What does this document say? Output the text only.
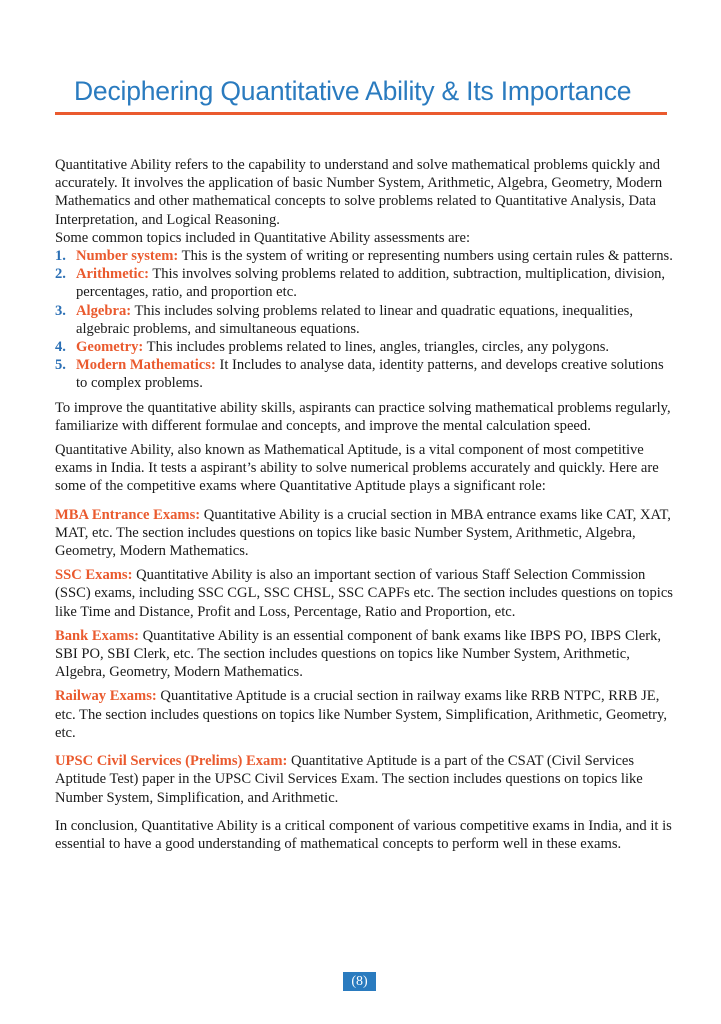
Deciphering Quantitative Ability & Its Importance

Quantitative Ability refers to the capability to understand and solve mathematical problems quickly and accurately. It involves the application of basic Number System, Arithmetic, Algebra, Geometry, Modern Mathematics and other mathematical concepts to solve problems related to Quantitative Analysis, Data Interpretation, and Logical Reasoning.

Some common topics included in Quantitative Ability assessments are:

1. Number system: This is the system of writing or representing numbers using certain rules & patterns.
2. Arithmetic: This involves solving problems related to addition, subtraction, multiplication, division, percentages, ratio, and proportion etc.
3. Algebra: This includes solving problems related to linear and quadratic equations, inequalities, algebraic problems, and simultaneous equations.
4. Geometry: This includes problems related to lines, angles, triangles, circles, any polygons.
5. Modern Mathematics: It Includes to analyse data, identity patterns, and develops creative solutions to complex problems.

To improve the quantitative ability skills, aspirants can practice solving mathematical problems regularly, familiarize with different formulae and concepts, and improve the mental calculation speed.

Quantitative Ability, also known as Mathematical Aptitude, is a vital component of most competitive exams in India. It tests a aspirant’s ability to solve numerical problems accurately and quickly. Here are some of the competitive exams where Quantitative Aptitude plays a significant role:

MBA Entrance Exams: Quantitative Ability is a crucial section in MBA entrance exams like CAT, XAT, MAT, etc. The section includes questions on topics like basic Number System, Arithmetic, Algebra, Geometry, Modern Mathematics.

SSC Exams: Quantitative Ability is also an important section of various Staff Selection Commission (SSC) exams, including SSC CGL, SSC CHSL, SSC CAPFs etc. The section includes questions on topics like Time and Distance, Profit and Loss, Percentage, Ratio and Proportion, etc.

Bank Exams: Quantitative Ability is an essential component of bank exams like IBPS PO, IBPS Clerk, SBI PO, SBI Clerk, etc. The section includes questions on topics like Number System, Arithmetic, Algebra, Geometry, Modern Mathematics.

Railway Exams: Quantitative Aptitude is a crucial section in railway exams like RRB NTPC, RRB JE, etc. The section includes questions on topics like Number System, Simplification, Arithmetic, Geometry, etc.

UPSC Civil Services (Prelims) Exam: Quantitative Aptitude is a part of the CSAT (Civil Services Aptitude Test) paper in the UPSC Civil Services Exam. The section includes questions on topics like Number System, Simplification, and Arithmetic.

In conclusion, Quantitative Ability is a critical component of various competitive exams in India, and it is essential to have a good understanding of mathematical concepts to perform well in these exams.

(8)
